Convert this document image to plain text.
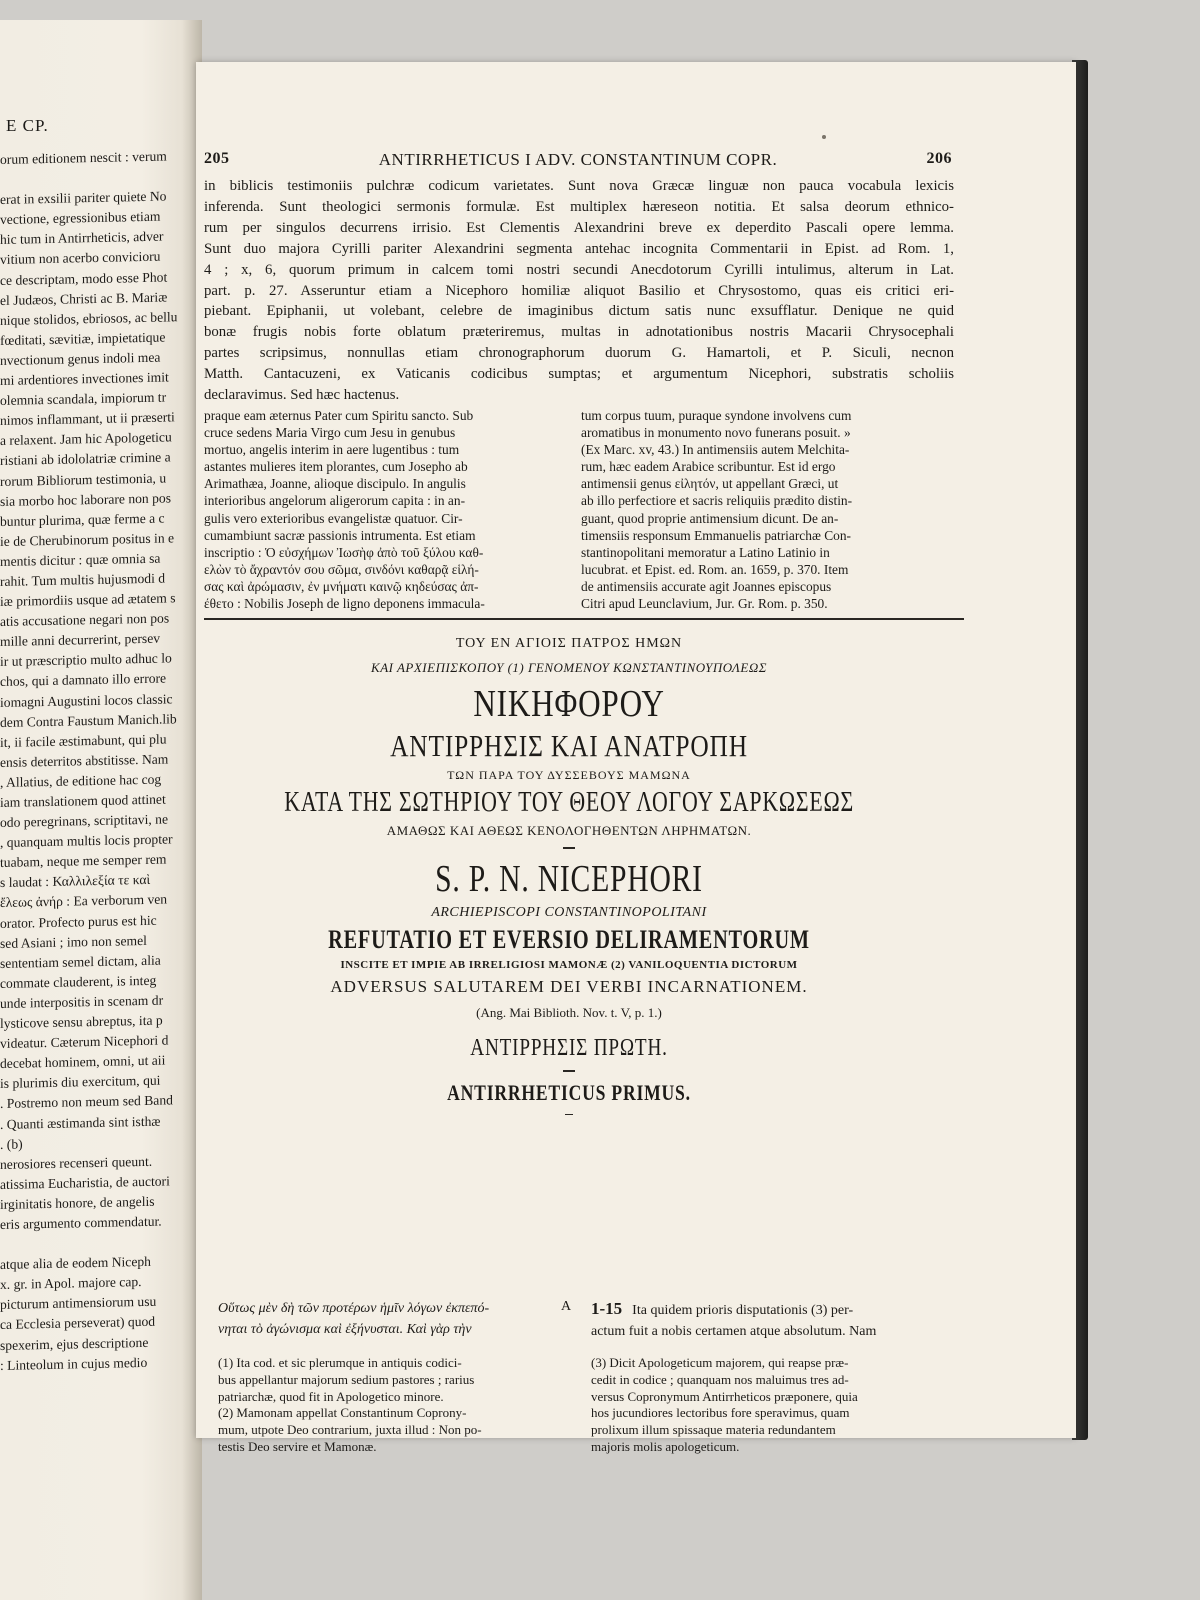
E CP.
orum editionem nescit : verum

erat in exsilii pariter quiete No
vectione, egressionibus etiam
hic tum in Antirrheticis, adver
vitium non acerbo convicioru
ce descriptam, modo esse Phot
el Judæos, Christi ac B. Mariæ
nique stolidos, ebriosos, ac bellu
fœditati, sævitiæ, impietatique
nvectionum genus indoli mea
mi ardentiores invectiones imit
olemnia scandala, impiorum tr
nimos inflammant, ut ii præserti
a relaxent. Jam hic Apologeticu
ristiani ab idololatriæ crimine a
rorum Bibliorum testimonia, u
sia morbo hoc laborare non pos
buntur plurima, quæ ferme a c
ie de Cherubinorum positus in e
mentis dicitur : quæ omnia sa
rahit. Tum multis hujusmodi d
iæ primordiis usque ad ætatem s
atis accusatione negari non pos
mille anni decurrerint, persev
ir ut præscriptio multo adhuc lo
chos, qui a damnato illo errore
iomagni Augustini locos classic
dem Contra Faustum Manich.lib
it, ii facile æstimabunt, qui plu
ensis deterritos abstitisse. Nam
, Allatius, de editione hac cog
iam translationem quod attinet
odo peregrinans, scriptitavi, ne
, quanquam multis locis propter
tuabam, neque me semper rem
s laudat : Καλλιλεξία τε καὶ
ἔλεως ἀνήρ : Ea verborum ven
orator. Profecto purus est hic
sed Asiani ; imo non semel
sententiam semel dictam, alia
commate clauderent, is integ
unde interpositis in scenam dr
lysticove sensu abreptus, ita p
videatur. Cæterum Nicephori d
decebat hominem, omni, ut aii
is plurimis diu exercitum, qui
. Postremo non meum sed Band
. Quanti æstimanda sint isthæ
. (b)
nerosiores recenseri queunt.
atissima Eucharistia, de auctori
irginitatis honore, de angelis
eris argumento commendatur.

atque alia de eodem Niceph
x. gr. in Apol. majore cap.
picturum antimensiorum usu
ca Ecclesia perseverat) quod
spexerim, ejus descriptione
: Linteolum in cujus medio
205	ANTIRRHETICUS I ADV. CONSTANTINUM COPR.	206
in biblicis testimoniis pulchræ codicum varietates. Sunt nova Græcæ linguæ non pauca vocabula lexicis
inferenda. Sunt theologici sermonis formulæ. Est multiplex hæreseon notitia. Et salsa deorum ethnico-
rum per singulos decurrens irrisio. Est Clementis Alexandrini breve ex deperdito Pascali opere lemma.
Sunt duo majora Cyrilli pariter Alexandrini segmenta antehac incognita Commentarii in Epist. ad Rom. 1,
4 ; x, 6, quorum primum in calcem tomi nostri secundi Anecdotorum Cyrilli intulimus, alterum in Lat.
part. p. 27. Asseruntur etiam a Nicephoro homiliæ aliquot Basilio et Chrysostomo, quas eis critici eri-
piebant. Epiphanii, ut volebant, celebre de imaginibus dictum satis nunc exsufflatur. Denique ne quid
bonæ frugis nobis forte oblatum præteriremus, multas in adnotationibus nostris Macarii Chrysocephali
partes scripsimus, nonnullas etiam chronographorum duorum G. Hamartoli, et P. Siculi, necnon
Matth. Cantacuzeni, ex Vaticanis codicibus sumptas; et argumentum Nicephori, substratis scholiis
declaravimus. Sed hæc hactenus.
praque eam æternus Pater cum Spiritu sancto. Sub
cruce sedens Maria Virgo cum Jesu in genubus
mortuo, angelis interim in aere lugentibus : tum
astantes mulieres item plorantes, cum Josepho ab
Arimathæa, Joanne, alioque discipulo. In angulis
interioribus angelorum aligerorum capita : in an-
gulis vero exterioribus evangelistæ quatuor. Cir-
cumambiunt sacræ passionis intrumenta. Est etiam
inscriptio : Ὁ εὐσχήμων Ἰωσὴφ ἀπὸ τοῦ ξύλου καθ-
ελὼν τὸ ἄχραντόν σου σῶμα, σινδόνι καθαρᾷ εἱλή-
σας καὶ ἀρώμασιν, ἐν μνήματι καινῷ κηδεύσας ἀπ-
έθετο : Nobilis Joseph de ligno deponens immacula-
tum corpus tuum, puraque syndone involvens cum
aromatibus in monumento novo funerans posuit. »
(Ex Marc. xv, 43.) In antimensiis autem Melchita-
rum, hæc eadem Arabice scribuntur. Est id ergo
antimensii genus εἰλητόν, ut appellant Græci, ut
ab illo perfectiore et sacris reliquiis prædito distin-
guant, quod proprie antimensium dicunt. De an-
timensiis responsum Emmanuelis patriarchæ Con-
stantinopolitani memoratur a Latino Latinio in
lucubrat. et Epist. ed. Rom. an. 1659, p. 370. Item
de antimensiis accurate agit Joannes episcopus
Citri apud Leunclavium, Jur. Gr. Rom. p. 350.
ΤΟΥ ΕΝ ΑΓΙΟΙΣ ΠΑΤΡΟΣ ΗΜΩΝ
ΚΑΙ ΑΡΧΙΕΠΙΣΚΟΠΟΥ (1) ΓΕΝΟΜΕΝΟΥ ΚΩΝΣΤΑΝΤΙΝΟΥΠΟΛΕΩΣ
ΝΙΚΗΦΟΡΟΥ
ΑΝΤΙΡΡΗΣΙΣ ΚΑΙ ΑΝΑΤΡΟΠΗ
ΤΩΝ ΠΑΡΑ ΤΟΥ ΔΥΣΣΕΒΟΥΣ ΜΑΜΩΝΑ
ΚΑΤΑ ΤΗΣ ΣΩΤΗΡΙΟΥ ΤΟΥ ΘΕΟΥ ΛΟΓΟΥ ΣΑΡΚΩΣΕΩΣ
ΑΜΑΘΩΣ ΚΑΙ ΑΘΕΩΣ ΚΕΝΟΛΟΓΗΘΕΝΤΩΝ ΛΗΡΗΜΑΤΩΝ.
S. P. N. NICEPHORI
ARCHIEPISCOPI CONSTANTINOPOLITANI
REFUTATIO ET EVERSIO DELIRAMENTORUM
INSCITE ET IMPIE AB IRRELIGIOSI MAMONÆ (2) VANILOQUENTIA DICTORUM
ADVERSUS SALUTAREM DEI VERBI INCARNATIONEM.
(Ang. Mai Biblioth. Nov. t. V, p. 1.)
ΑΝΤΙΡΡΗΣΙΣ ΠΡΩΤΗ.
ANTIRRHETICUS PRIMUS.
Οὕτως μὲν δὴ τῶν προτέρων ἡμῖν λόγων ἐκπεπό-
νηται τὸ ἀγώνισμα καὶ ἐξήνυσται. Καὶ γὰρ τὴν
A 1-15 Ita quidem prioris disputationis (3) per-
actum fuit a nobis certamen atque absolutum. Nam
(1) Ita cod. et sic plerumque in antiquis codici-
bus appellantur majorum sedium pastores ; rarius
patriarchæ, quod fit in Apologetico minore.
(2) Mamonam appellat Constantinum Coprony-
mum, utpote Deo contrarium, juxta illud : Non po-
testis Deo servire et Mamonæ.
(3) Dicit Apologeticum majorem, qui reapse præ-
cedit in codice ; quanquam nos maluimus tres ad-
versus Copronymum Antirrheticos præponere, quia
hos jucundiores lectoribus fore speravimus, quam
prolixum illum spissaque materia redundantem
majoris molis apologeticum.
